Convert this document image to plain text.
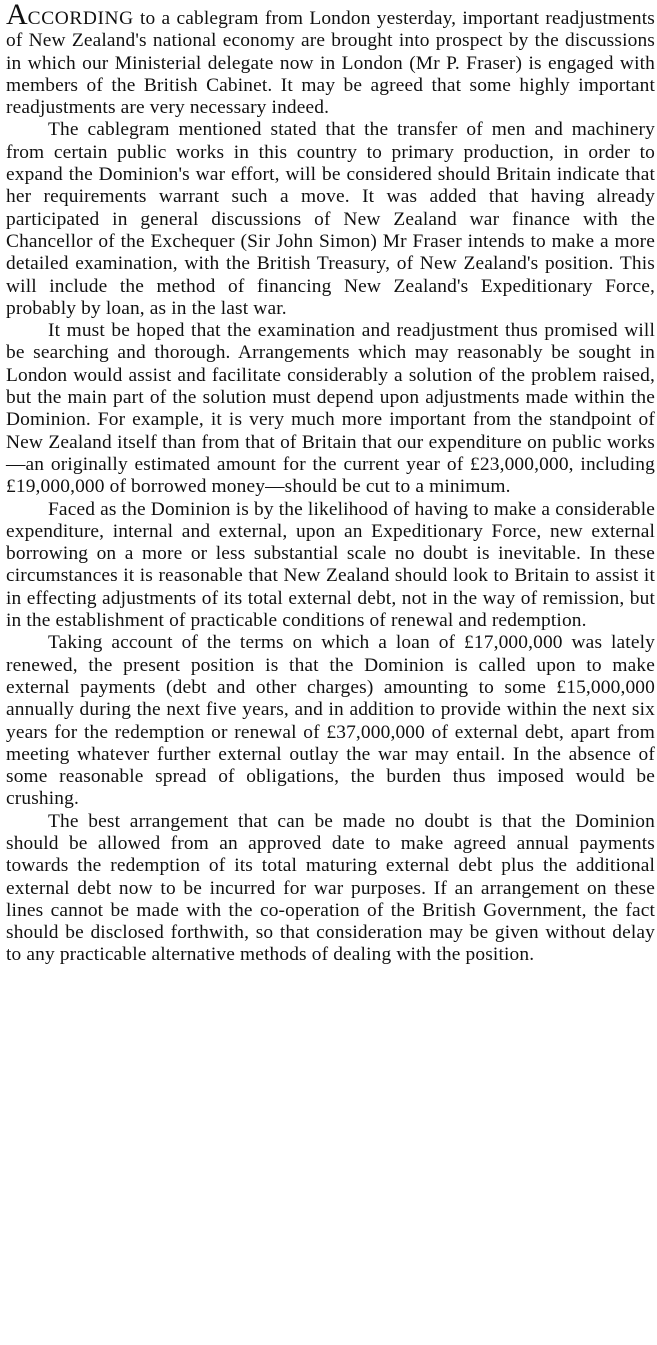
ACCORDING to a cablegram from London yesterday, important readjustments of New Zealand's national economy are brought into prospect by the discussions in which our Ministerial delegate now in London (Mr P. Fraser) is engaged with members of the British Cabinet. It may be agreed that some highly important readjustments are very necessary indeed.

The cablegram mentioned stated that the transfer of men and machinery from certain public works in this country to primary production, in order to expand the Dominion's war effort, will be considered should Britain indicate that her requirements warrant such a move. It was added that having already participated in general discussions of New Zealand war finance with the Chancellor of the Exchequer (Sir John Simon) Mr Fraser intends to make a more detailed examination, with the British Treasury, of New Zealand's position. This will include the method of financing New Zealand's Expeditionary Force, probably by loan, as in the last war.

It must be hoped that the examination and readjustment thus promised will be searching and thorough. Arrangements which may reasonably be sought in London would assist and facilitate considerably a solution of the problem raised, but the main part of the solution must depend upon adjustments made within the Dominion. For example, it is very much more important from the standpoint of New Zealand itself than from that of Britain that our expenditure on public works—an originally estimated amount for the current year of £23,000,000, including £19,000,000 of borrowed money—should be cut to a minimum.

Faced as the Dominion is by the likelihood of having to make a considerable expenditure, internal and external, upon an Expeditionary Force, new external borrowing on a more or less substantial scale no doubt is inevitable. In these circumstances it is reasonable that New Zealand should look to Britain to assist it in effecting adjustments of its total external debt, not in the way of remission, but in the establishment of practicable conditions of renewal and redemption.

Taking account of the terms on which a loan of £17,000,000 was lately renewed, the present position is that the Dominion is called upon to make external payments (debt and other charges) amounting to some £15,000,000 annually during the next five years, and in addition to provide within the next six years for the redemption or renewal of £37,000,000 of external debt, apart from meeting whatever further external outlay the war may entail. In the absence of some reasonable spread of obligations, the burden thus imposed would be crushing.

The best arrangement that can be made no doubt is that the Dominion should be allowed from an approved date to make agreed annual payments towards the redemption of its total maturing external debt plus the additional external debt now to be incurred for war purposes. If an arrangement on these lines cannot be made with the co-operation of the British Government, the fact should be disclosed forthwith, so that consideration may be given without delay to any practicable alternative methods of dealing with the position.
